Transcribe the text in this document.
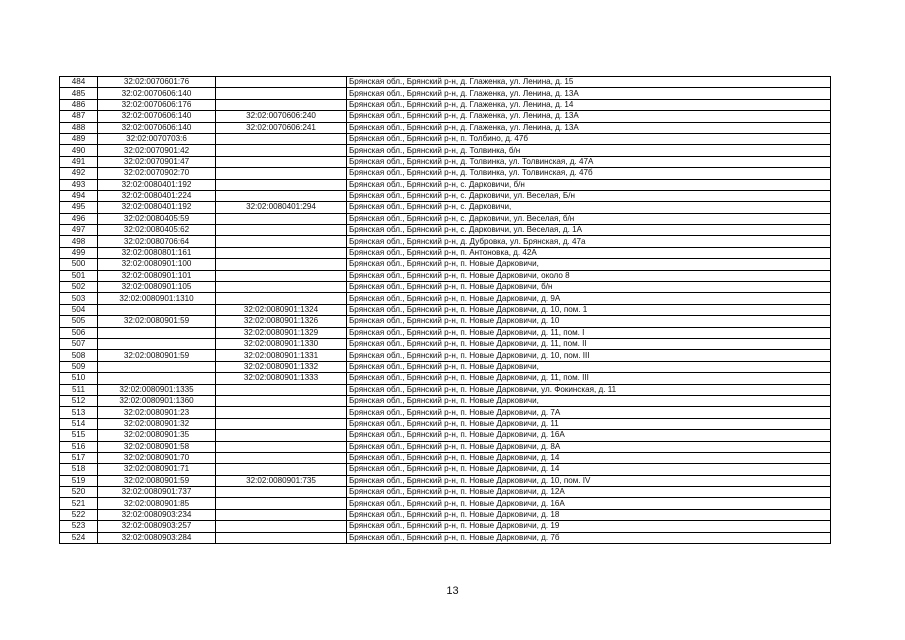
484	32:02:0070601:76		Брянская обл., Брянский р-н, д. Глаженка, ул. Ленина, д. 15
485	32:02:0070606:140		Брянская обл., Брянский р-н, д. Глаженка, ул. Ленина, д. 13А
486	32:02:0070606:176		Брянская обл., Брянский р-н, д. Глаженка, ул. Ленина, д. 14
487	32:02:0070606:140	32:02:0070606:240	Брянская обл., Брянский р-н, д. Глаженка, ул. Ленина, д. 13А
488	32:02:0070606:140	32:02:0070606:241	Брянская обл., Брянский р-н, д. Глаженка, ул. Ленина, д. 13А
489	32:02:0070703:6		Брянская обл., Брянский р-н, п. Толбино, д. 47б
490	32:02:0070901:42		Брянская обл., Брянский р-н, д. Толвинка, б/н
491	32:02:0070901:47		Брянская обл., Брянский р-н, д. Толвинка, ул. Толвинская, д. 47А
492	32:02:0070902:70		Брянская обл., Брянский р-н, д. Толвинка, ул. Толвинская, д. 47б
493	32:02:0080401:192		Брянская обл., Брянский р-н, с. Дарковичи, б/н
494	32:02:0080401:224		Брянская обл., Брянский р-н, с. Дарковичи, ул. Веселая, Б/н
495	32:02:0080401:192	32:02:0080401:294	Брянская обл., Брянский р-н, с. Дарковичи,
496	32:02:0080405:59		Брянская обл., Брянский р-н, с. Дарковичи, ул. Веселая, б/н
497	32:02:0080405:62		Брянская обл., Брянский р-н, с. Дарковичи, ул. Веселая, д. 1А
498	32:02:0080706:64		Брянская обл., Брянский р-н, д. Дубровка, ул. Брянская, д. 47а
499	32:02:0080801:161		Брянская обл., Брянский р-н, п. Антоновка, д. 42А
500	32:02:0080901:100		Брянская обл., Брянский р-н, п. Новые Дарковичи,
501	32:02:0080901:101		Брянская обл., Брянский р-н, п. Новые Дарковичи, около 8
502	32:02:0080901:105		Брянская обл., Брянский р-н, п. Новые Дарковичи, б/н
503	32:02:0080901:1310		Брянская обл., Брянский р-н, п. Новые Дарковичи, д. 9А
504		32:02:0080901:1324	Брянская обл., Брянский р-н, п. Новые Дарковичи, д. 10, пом. 1
505	32:02:0080901:59	32:02:0080901:1326	Брянская обл., Брянский р-н, п. Новые Дарковичи, д. 10
506		32:02:0080901:1329	Брянская обл., Брянский р-н, п. Новые Дарковичи, д. 11, пом. I
507		32:02:0080901:1330	Брянская обл., Брянский р-н, п. Новые Дарковичи, д. 11, пом. II
508	32:02:0080901:59	32:02:0080901:1331	Брянская обл., Брянский р-н, п. Новые Дарковичи, д. 10, пом. III
509		32:02:0080901:1332	Брянская обл., Брянский р-н, п. Новые Дарковичи,
510		32:02:0080901:1333	Брянская обл., Брянский р-н, п. Новые Дарковичи, д. 11, пом. III
511	32:02:0080901:1335		Брянская обл., Брянский р-н, п. Новые Дарковичи, ул. Фокинская, д. 11
512	32:02:0080901:1360		Брянская обл., Брянский р-н, п. Новые Дарковичи,
513	32:02:0080901:23		Брянская обл., Брянский р-н, п. Новые Дарковичи, д. 7А
514	32:02:0080901:32		Брянская обл., Брянский р-н, п. Новые Дарковичи, д. 11
515	32:02:0080901:35		Брянская обл., Брянский р-н, п. Новые Дарковичи, д. 16А
516	32:02:0080901:58		Брянская обл., Брянский р-н, п. Новые Дарковичи, д. 8А
517	32:02:0080901:70		Брянская обл., Брянский р-н, п. Новые Дарковичи, д. 14
518	32:02:0080901:71		Брянская обл., Брянский р-н, п. Новые Дарковичи, д. 14
519	32:02:0080901:59	32:02:0080901:735	Брянская обл., Брянский р-н, п. Новые Дарковичи, д. 10, пом. IV
520	32:02:0080901:737		Брянская обл., Брянский р-н, п. Новые Дарковичи, д. 12А
521	32:02:0080901:85		Брянская обл., Брянский р-н, п. Новые Дарковичи, д. 16А
522	32:02:0080903:234		Брянская обл., Брянский р-н, п. Новые Дарковичи, д. 18
523	32:02:0080903:257		Брянская обл., Брянский р-н, п. Новые Дарковичи, д. 19
524	32:02:0080903:284		Брянская обл., Брянский р-н, п. Новые Дарковичи, д. 7б
13
